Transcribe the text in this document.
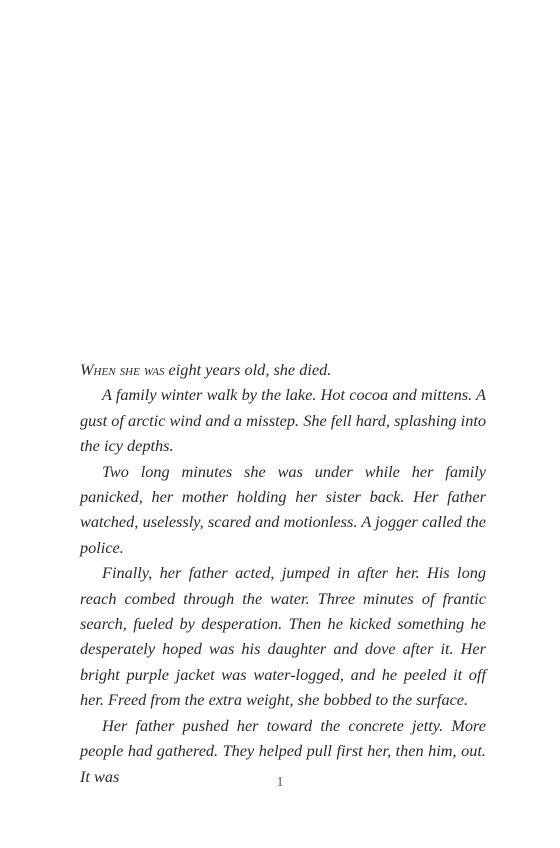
When she was eight years old, she died.

A family winter walk by the lake. Hot cocoa and mittens. A gust of arctic wind and a misstep. She fell hard, splashing into the icy depths.

Two long minutes she was under while her family panicked, her mother holding her sister back. Her father watched, uselessly, scared and motionless. A jogger called the police.

Finally, her father acted, jumped in after her. His long reach combed through the water. Three minutes of frantic search, fueled by desperation. Then he kicked something he desperately hoped was his daughter and dove after it. Her bright purple jacket was water-logged, and he peeled it off her. Freed from the extra weight, she bobbed to the surface.

Her father pushed her toward the concrete jetty. More people had gathered. They helped pull first her, then him, out. It was	1
